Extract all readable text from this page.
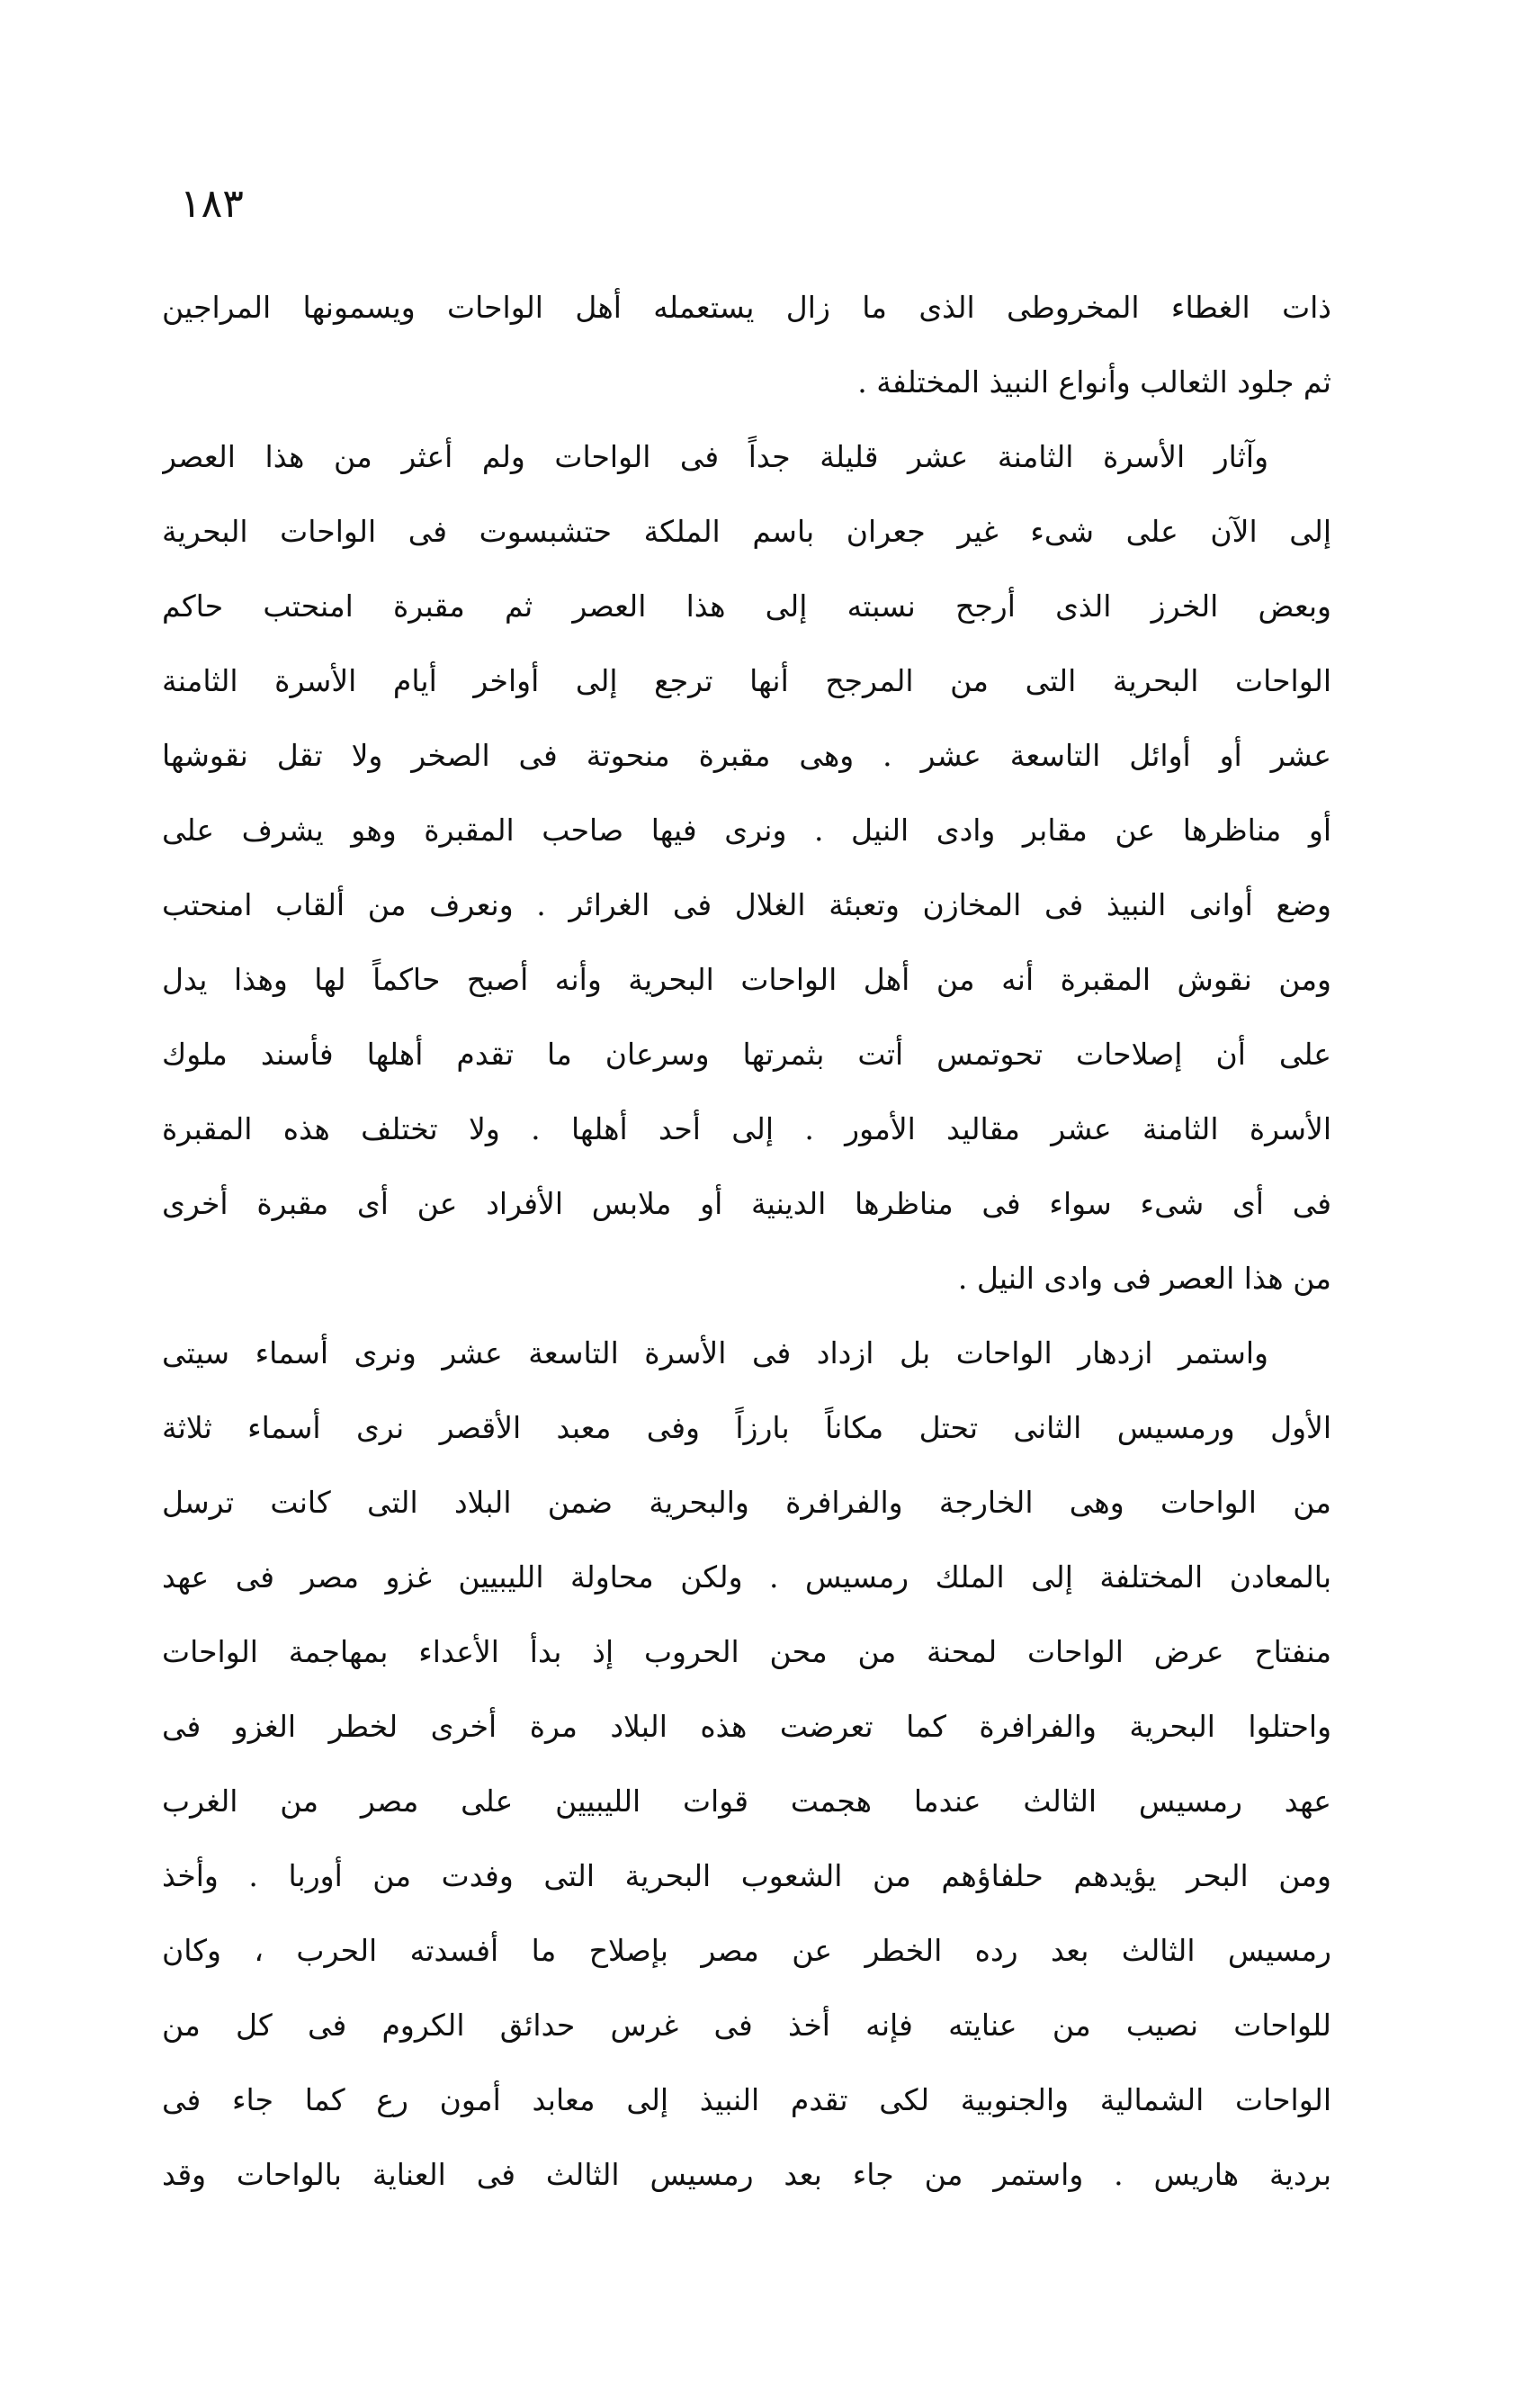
١٨٣
ذات الغطاء المخروطى الذى ما زال يستعمله أهل الواحات ويسمونها المراجين
ثم جلود الثعالب وأنواع النبيذ المختلفة .
وآثار الأسرة الثامنة عشر قليلة جداً فى الواحات ولم أعثر من هذا العصر
إلى الآن على شىء غير جعران باسم الملكة حتشبسوت فى الواحات البحرية
وبعض الخرز الذى أرجح نسبته إلى هذا العصر ثم مقبرة امنحتب حاكم
الواحات البحرية التى من المرجح أنها ترجع إلى أواخر أيام الأسرة الثامنة
عشر أو أوائل التاسعة عشر . وهى مقبرة منحوتة فى الصخر ولا تقل نقوشها
أو مناظرها عن مقابر وادى النيل . ونرى فيها صاحب المقبرة وهو يشرف على
وضع أوانى النبيذ فى المخازن وتعبئة الغلال فى الغرائر . ونعرف من ألقاب امنحتب
ومن نقوش المقبرة أنه من أهل الواحات البحرية وأنه أصبح حاكماً لها وهذا يدل
على أن إصلاحات تحوتمس أتت بثمرتها وسرعان ما تقدم أهلها فأسند ملوك
الأسرة الثامنة عشر مقاليد الأمور . إلى أحد أهلها . ولا تختلف هذه المقبرة
فى أى شىء سواء فى مناظرها الدينية أو ملابس الأفراد عن أى مقبرة أخرى
من هذا العصر فى وادى النيل .
واستمر ازدهار الواحات بل ازداد فى الأسرة التاسعة عشر ونرى أسماء سيتى
الأول ورمسيس الثانى تحتل مكاناً بارزاً وفى معبد الأقصر نرى أسماء ثلاثة
من الواحات وهى الخارجة والفرافرة والبحرية ضمن البلاد التى كانت ترسل
بالمعادن المختلفة إلى الملك رمسيس . ولكن محاولة الليبيين غزو مصر فى عهد
منفتاح عرض الواحات لمحنة من محن الحروب إذ بدأ الأعداء بمهاجمة الواحات
واحتلوا البحرية والفرافرة كما تعرضت هذه البلاد مرة أخرى لخطر الغزو فى
عهد رمسيس الثالث عندما هجمت قوات الليبيين على مصر من الغرب
ومن البحر يؤيدهم حلفاؤهم من الشعوب البحرية التى وفدت من أوربا . وأخذ
رمسيس الثالث بعد رده الخطر عن مصر بإصلاح ما أفسدته الحرب ، وكان
للواحات نصيب من عنايته فإنه أخذ فى غرس حدائق الكروم فى كل من
الواحات الشمالية والجنوبية لكى تقدم النبيذ إلى معابد أمون رع كما جاء فى
بردية هاريس . واستمر من جاء بعد رمسيس الثالث فى العناية بالواحات وقد
